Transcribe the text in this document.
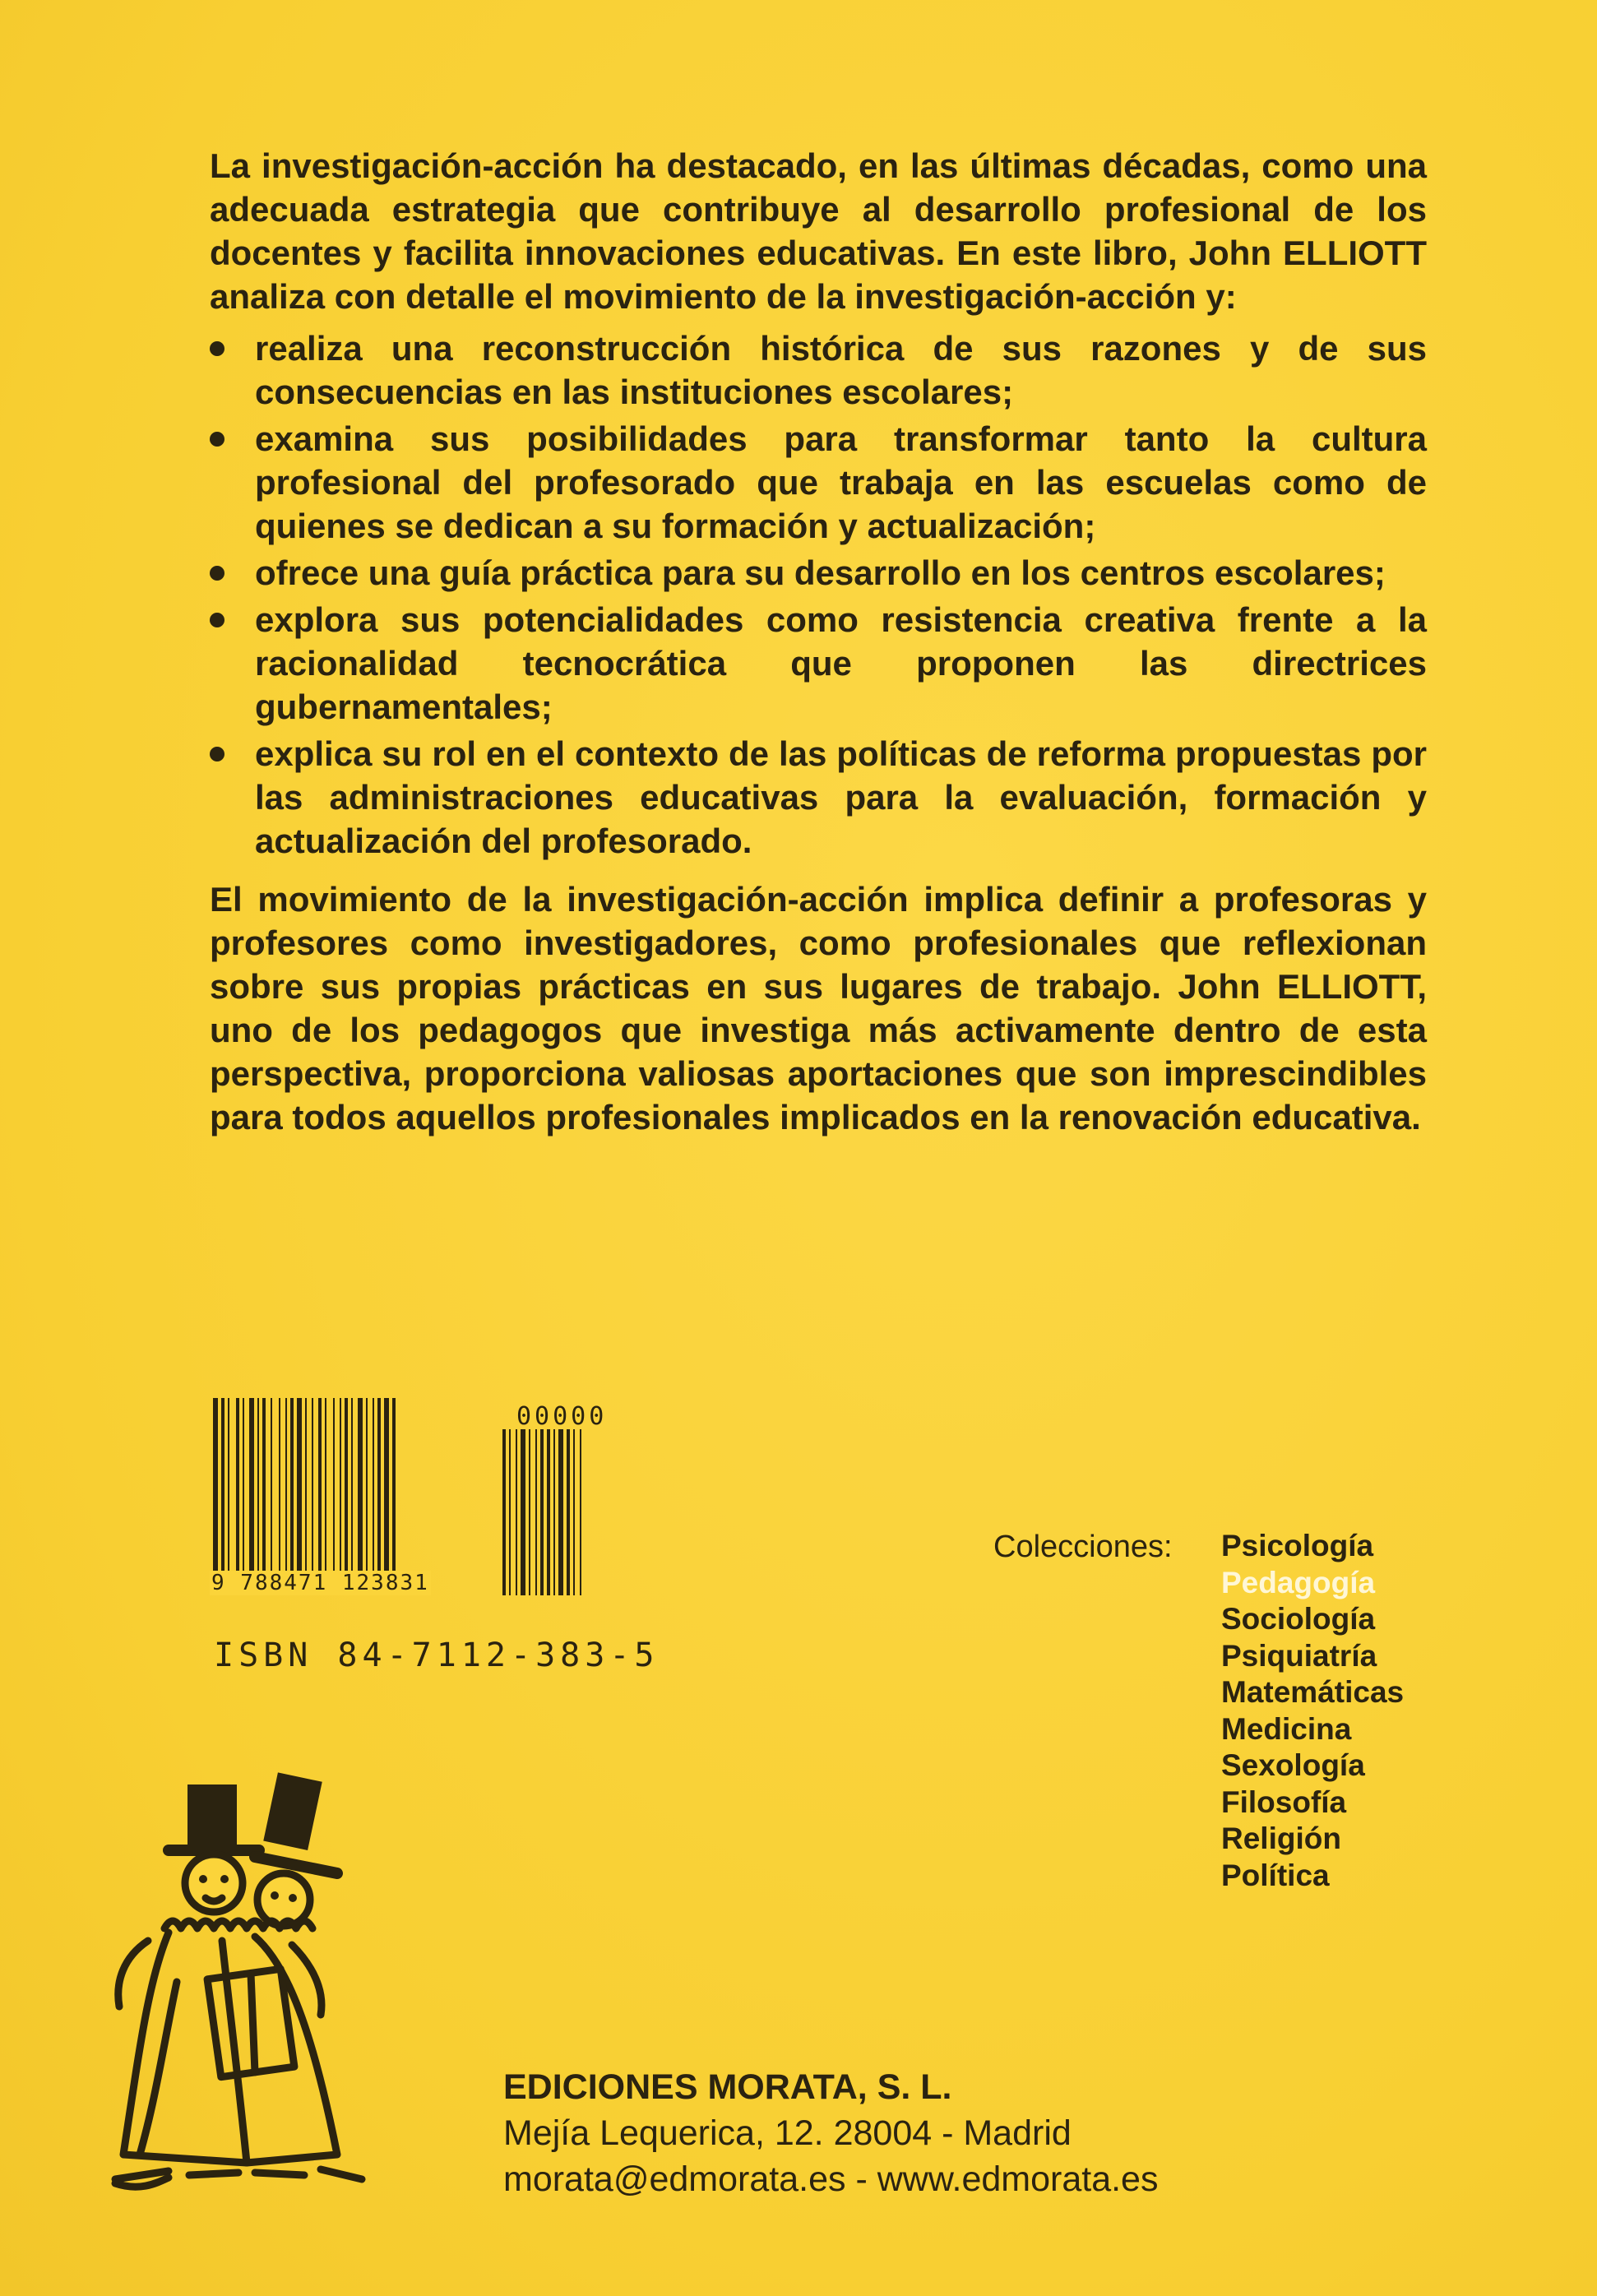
La investigación-acción ha destacado, en las últimas décadas, como una adecuada estrategia que contribuye al desarrollo profesional de los docentes y facilita innovaciones educativas. En este libro, John ELLIOTT analiza con detalle el movimiento de la investigación-acción y:

realiza una reconstrucción histórica de sus razones y de sus consecuencias en las instituciones escolares;
examina sus posibilidades para transformar tanto la cultura profesional del profesorado que trabaja en las escuelas como de quienes se dedican a su formación y actualización;
ofrece una guía práctica para su desarrollo en los centros escolares;
explora sus potencialidades como resistencia creativa frente a la racionalidad tecnocrática que proponen las directrices gubernamentales;
explica su rol en el contexto de las políticas de reforma propuestas por las administraciones educativas para la evaluación, formación y actualización del profesorado.

El movimiento de la investigación-acción implica definir a profesoras y profesores como investigadores, como profesionales que reflexionan sobre sus propias prácticas en sus lugares de trabajo. John ELLIOTT, uno de los pedagogos que investiga más activamente dentro de esta perspectiva, proporciona valiosas aportaciones que son imprescindibles para todos aquellos profesionales implicados en la renovación educativa.

00000
9 788471 123831
ISBN 84-7112-383-5
Colecciones: Psicología
Pedagogía
Sociología
Psiquiatría
Matemáticas
Medicina
Sexología
Filosofía
Religión
Política
EDICIONES MORATA, S. L.
Mejía Lequerica, 12. 28004 - Madrid
morata@edmorata.es - www.edmorata.es
